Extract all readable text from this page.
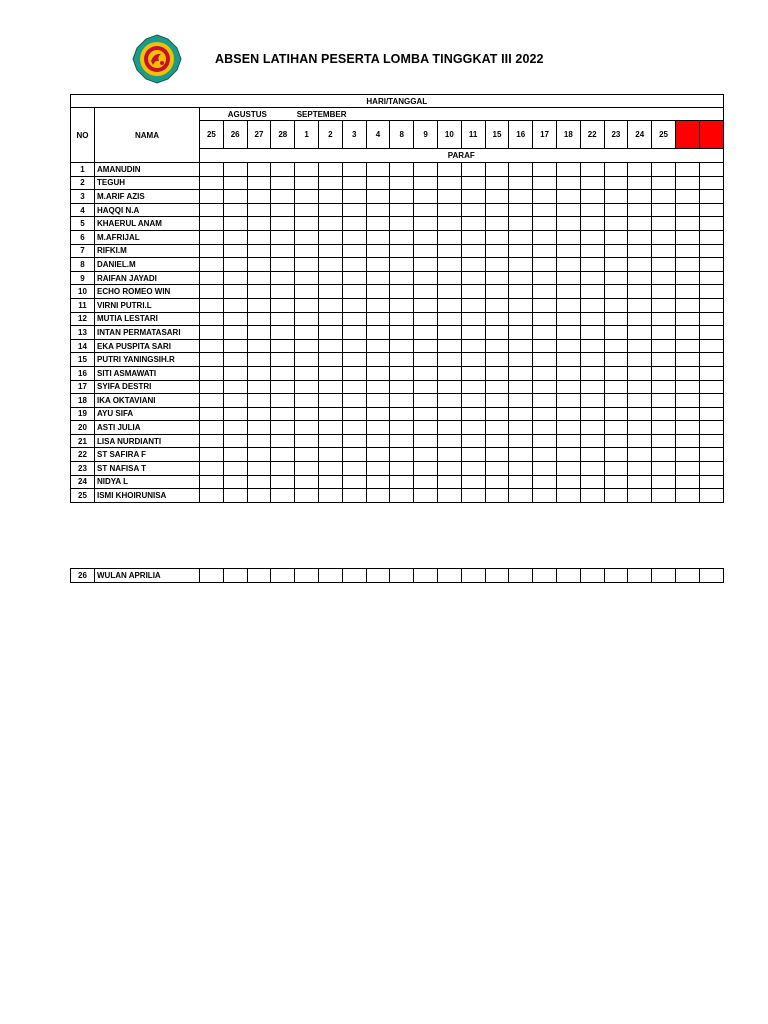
ABSEN LATIHAN PESERTA LOMBA TINGGKAT III 2022
HARI/TANGGAL																							
NO	NAMA	AGUSTUS				SEPTEMBER																	
		25	26	27	28	1	2	3	4	8	9	10	11	15	16	17	18	22	23	24	25		
		PARAF																					
1	AMANUDIN																						
2	TEGUH																						
3	M.ARIF AZIS																						
4	HAQQI N.A																						
5	KHAERUL ANAM																						
6	M.AFRIJAL																						
7	RIFKI.M																						
8	DANIEL.M																						
9	RAIFAN JAYADI																						
10	ECHO ROMEO WIN																						
11	VIRNI PUTRI.L																						
12	MUTIA LESTARI																						
13	INTAN PERMATASARI																						
14	EKA PUSPITA SARI																						
15	PUTRI YANINGSIH.R																						
16	SITI ASMAWATI																						
17	SYIFA DESTRI																						
18	IKA OKTAVIANI																						
19	AYU SIFA																						
20	ASTI JULIA																						
21	LISA NURDIANTI																						
22	ST SAFIRA F																						
23	ST NAFISA T																						
24	NIDYA L																						
25	ISMI KHOIRUNISA																						
26	WULAN APRILIA																						
